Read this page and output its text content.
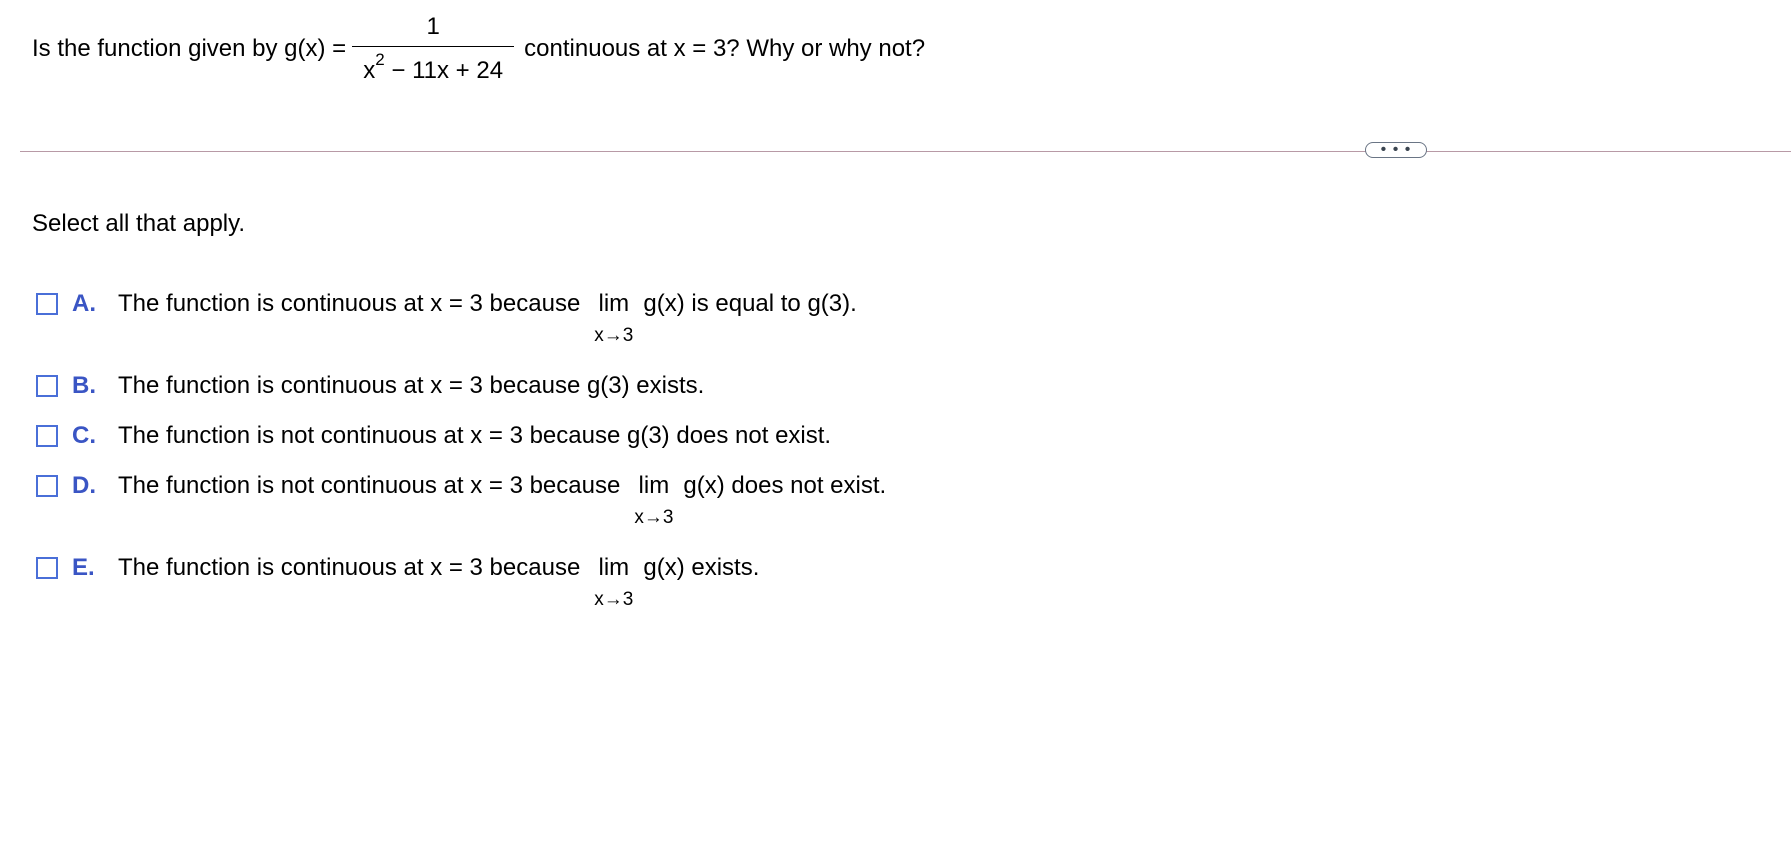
Is the function given by $g(x) = \frac{1}{x^2 - 11x + 24}$ continuous at x = 3? Why or why not?
• • •
Select all that apply.
A. The function is continuous at x = 3 because lim
x→3
g(x) is equal to g(3).
B. The function is continuous at x = 3 because g(3) exists.
C. The function is not continuous at x = 3 because g(3) does not exist.
D. The function is not continuous at x = 3 because lim
x→3
g(x) does not exist.
E. The function is continuous at x = 3 because lim
x→3
g(x) exists.
